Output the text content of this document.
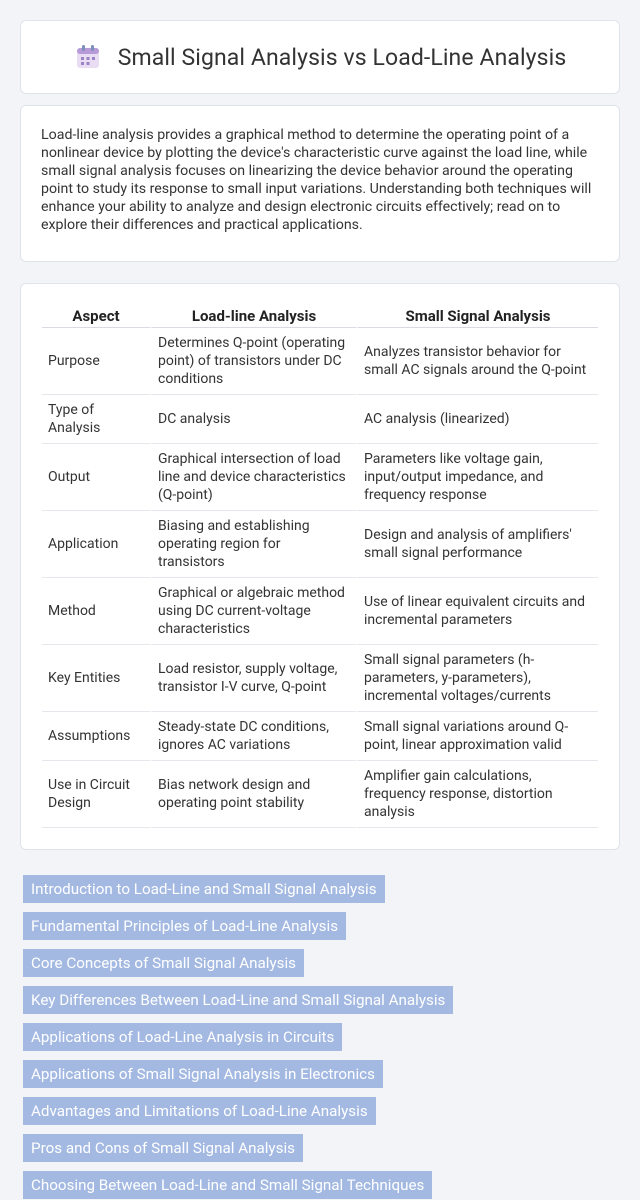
Small Signal Analysis vs Load-Line Analysis

Load-line analysis provides a graphical method to determine the operating point of a nonlinear device by plotting the device's characteristic curve against the load line, while small signal analysis focuses on linearizing the device behavior around the operating point to study its response to small input variations. Understanding both techniques will enhance your ability to analyze and design electronic circuits effectively; read on to explore their differences and practical applications.

Aspect	Load-line Analysis	Small Signal Analysis
Purpose	Determines Q-point (operating point) of transistors under DC conditions	Analyzes transistor behavior for small AC signals around the Q-point
Type of Analysis	DC analysis	AC analysis (linearized)
Output	Graphical intersection of load line and device characteristics (Q-point)	Parameters like voltage gain, input/output impedance, and frequency response
Application	Biasing and establishing operating region for transistors	Design and analysis of amplifiers' small signal performance
Method	Graphical or algebraic method using DC current-voltage characteristics	Use of linear equivalent circuits and incremental parameters
Key Entities	Load resistor, supply voltage, transistor I-V curve, Q-point	Small signal parameters (h-parameters, y-parameters), incremental voltages/currents
Assumptions	Steady-state DC conditions, ignores AC variations	Small signal variations around Q-point, linear approximation valid
Use in Circuit Design	Bias network design and operating point stability	Amplifier gain calculations, frequency response, distortion analysis
Introduction to Load-Line and Small Signal Analysis
Fundamental Principles of Load-Line Analysis
Core Concepts of Small Signal Analysis
Key Differences Between Load-Line and Small Signal Analysis
Applications of Load-Line Analysis in Circuits
Applications of Small Signal Analysis in Electronics
Advantages and Limitations of Load-Line Analysis
Pros and Cons of Small Signal Analysis
Choosing Between Load-Line and Small Signal Techniques
